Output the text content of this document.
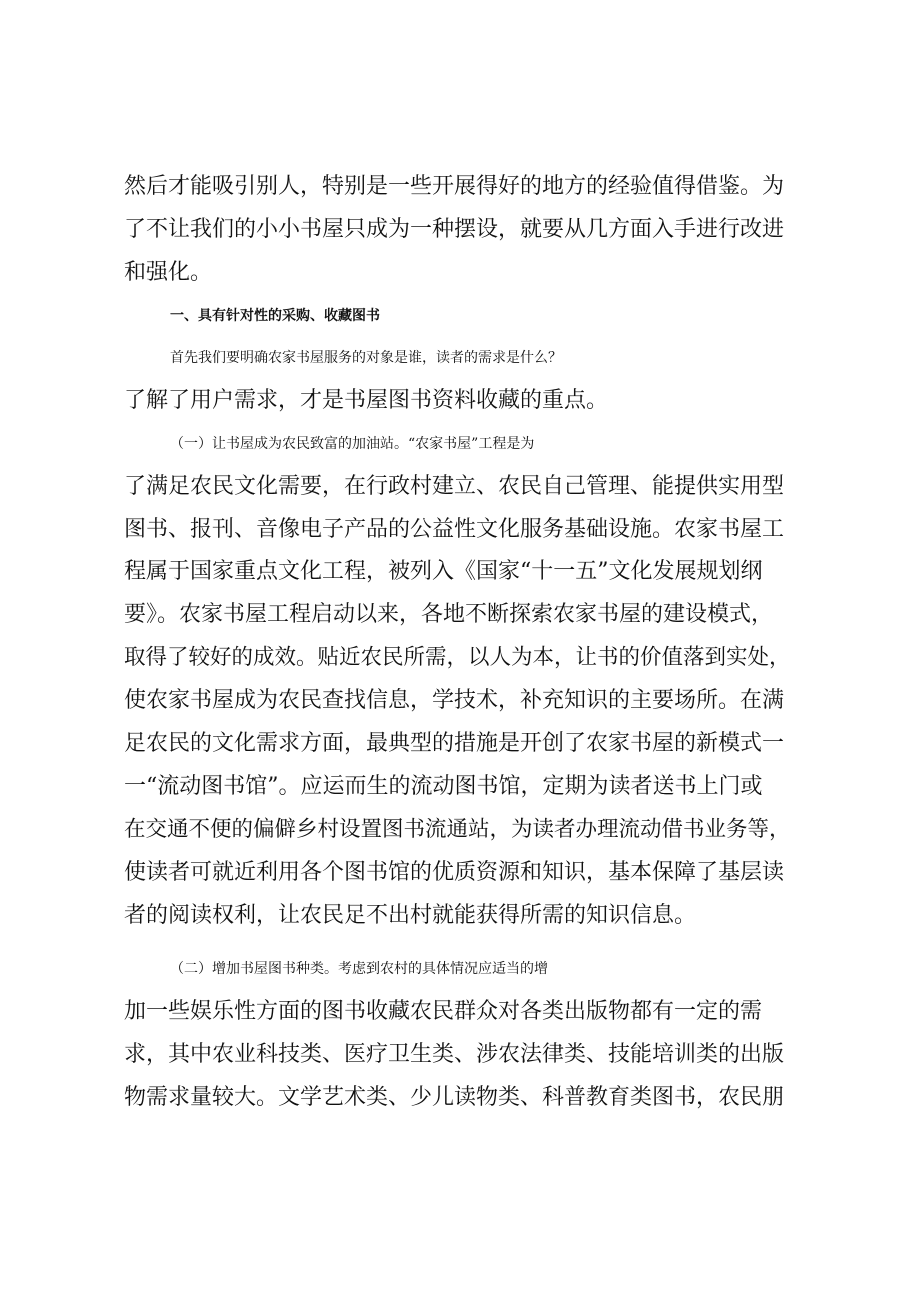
然后才能吸引别人，特别是一些开展得好的地方的经验值得借鉴。为
了不让我们的小小书屋只成为一种摆设，就要从几方面入手进行改进
和强化。
一、具有针对性的采购、收藏图书
首先我们要明确农家书屋服务的对象是谁，读者的需求是什么？
了解了用户需求，才是书屋图书资料收藏的重点。
（一）让书屋成为农民致富的加油站。“农家书屋”工程是为
了满足农民文化需要，在行政村建立、农民自己管理、能提供实用型
图书、报刊、音像电子产品的公益性文化服务基础设施。农家书屋工
程属于国家重点文化工程，被列入《国家“十一五”文化发展规划纲
要》。农家书屋工程启动以来，各地不断探索农家书屋的建设模式，
取得了较好的成效。贴近农民所需，以人为本，让书的价值落到实处，
使农家书屋成为农民查找信息，学技术，补充知识的主要场所。在满
足农民的文化需求方面，最典型的措施是开创了农家书屋的新模式一
一“流动图书馆”。应运而生的流动图书馆，定期为读者送书上门或
在交通不便的偏僻乡村设置图书流通站，为读者办理流动借书业务等，
使读者可就近利用各个图书馆的优质资源和知识，基本保障了基层读
者的阅读权利，让农民足不出村就能获得所需的知识信息。
（二）增加书屋图书种类。考虑到农村的具体情况应适当的增
加一些娱乐性方面的图书收藏农民群众对各类出版物都有一定的需
求，其中农业科技类、医疗卫生类、涉农法律类、技能培训类的出版
物需求量较大。文学艺术类、少儿读物类、科普教育类图书，农民朋
